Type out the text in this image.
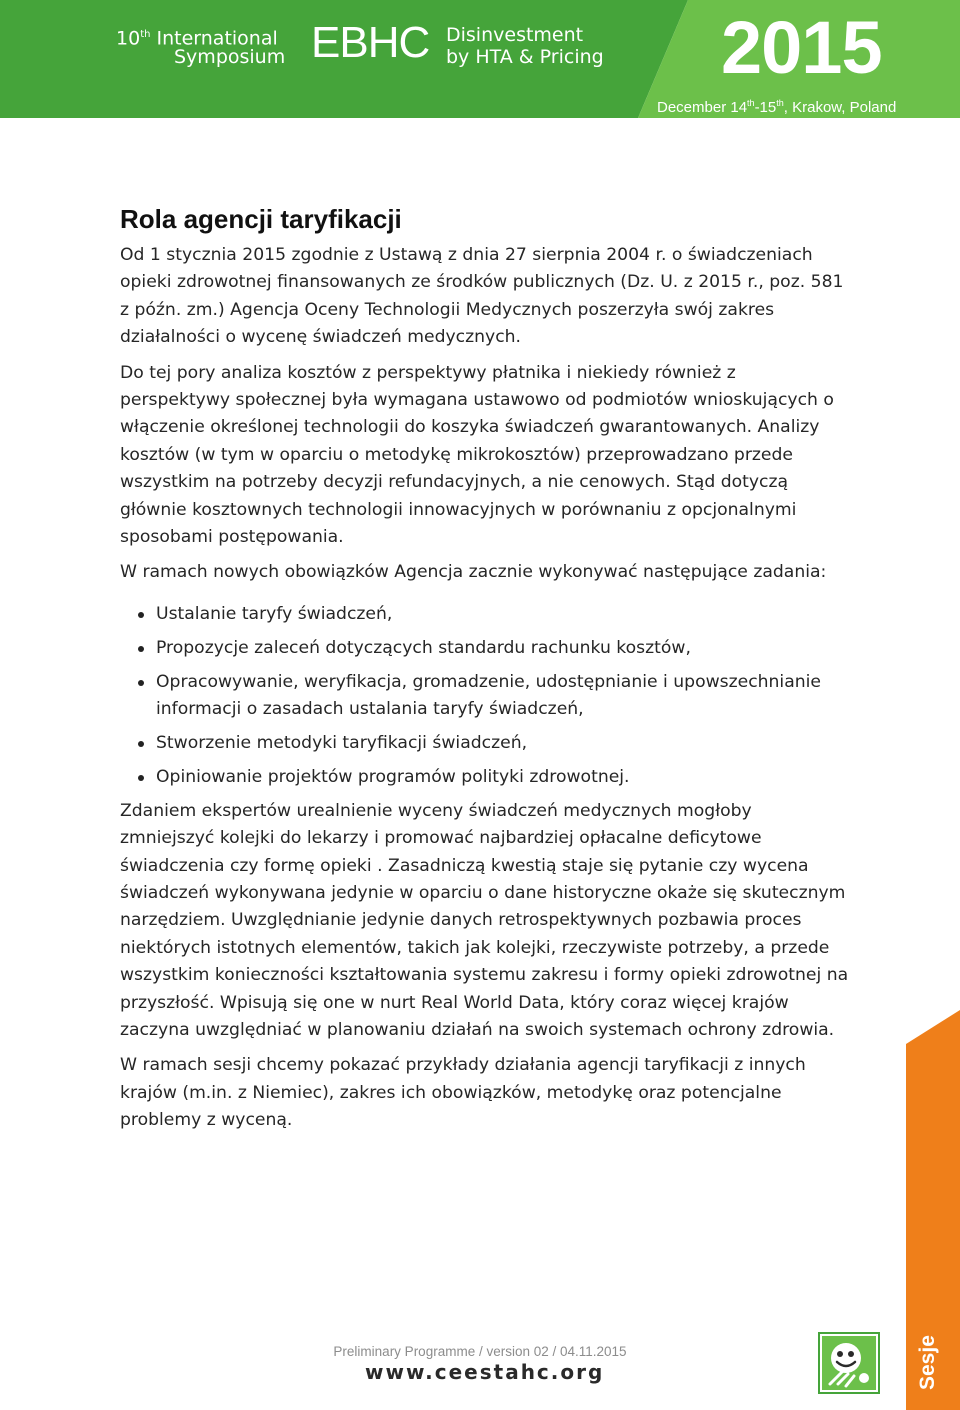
10th International
Symposium EBHC Disinvestment
by HTA & Pricing 2015
December 14th-15th, Krakow, Poland
Rola agencji taryfikacji

Od 1 stycznia 2015 zgodnie z Ustawą z dnia 27 sierpnia 2004 r. o świadczeniach opieki zdrowotnej finansowanych ze środków publicznych (Dz. U. z 2015 r., poz. 581 z późn. zm.) Agencja Oceny Technologii Medycznych poszerzyła swój zakres działalności o wycenę świadczeń medycznych.

Do tej pory analiza kosztów z perspektywy płatnika i niekiedy również z perspektywy społecznej była wymagana ustawowo od podmiotów wnioskujących o włączenie określonej technologii do koszyka świadczeń gwarantowanych. Analizy kosztów (w tym w oparciu o metodykę mikrokosztów) przeprowadzano przede wszystkim na potrzeby decyzji refundacyjnych, a nie cenowych. Stąd dotyczą głównie kosztownych technologii innowacyjnych w porównaniu z opcjonalnymi sposobami postępowania.

W ramach nowych obowiązków Agencja zacznie wykonywać następujące zadania:

Ustalanie taryfy świadczeń,
Propozycje zaleceń dotyczących standardu rachunku kosztów,
Opracowywanie, weryfikacja, gromadzenie, udostępnianie i upowszechnianie informacji o zasadach ustalania taryfy świadczeń,
Stworzenie metodyki taryfikacji świadczeń,
Opiniowanie projektów programów polityki zdrowotnej.

Zdaniem ekspertów urealnienie wyceny świadczeń medycznych mogłoby zmniejszyć kolejki do lekarzy i promować najbardziej opłacalne deficytowe świadczenia czy formę opieki . Zasadniczą kwestią staje się pytanie czy wycena świadczeń wykonywana jedynie w oparciu o dane historyczne okaże się skutecznym narzędziem. Uwzględnianie jedynie danych retrospektywnych pozbawia proces niektórych istotnych elementów, takich jak kolejki, rzeczywiste potrzeby, a przede wszystkim konieczności kształtowania systemu zakresu i formy opieki zdrowotnej na przyszłość. Wpisują się one w nurt Real World Data, który coraz więcej krajów zaczyna uwzględniać w planowaniu działań na swoich systemach ochrony zdrowia.

W ramach sesji chcemy pokazać przykłady działania agencji taryfikacji z innych krajów (m.in. z Niemiec), zakres ich obowiązków, metodykę oraz potencjalne problemy z wyceną.

Sesje
Preliminary Programme / version 02 / 04.11.2015
www.ceestahc.org
